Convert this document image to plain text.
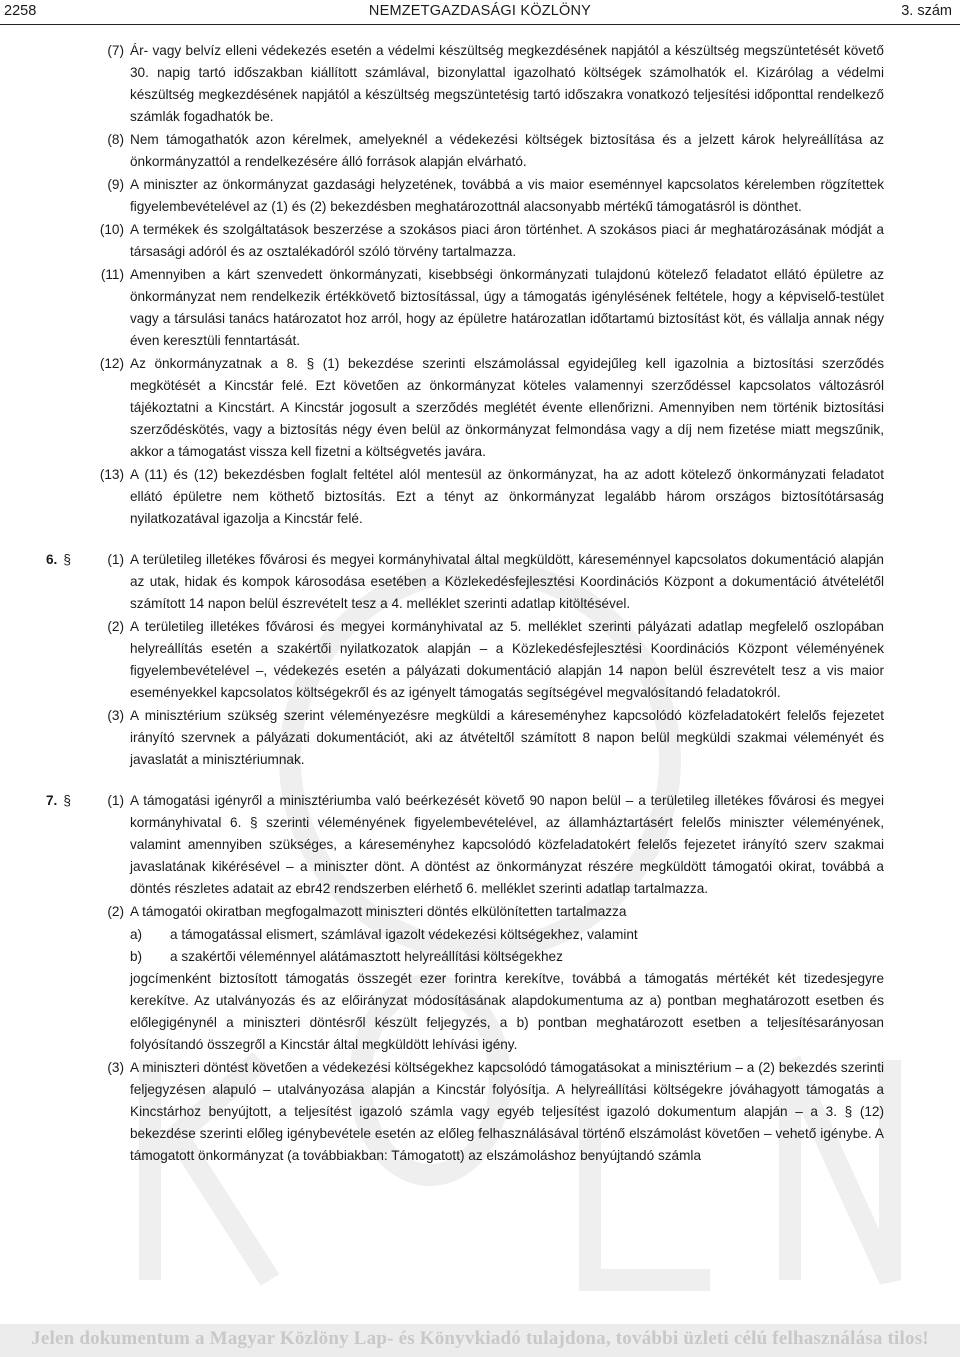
2258	NEMZETGAZDASÁGI KÖZLÖNY	3. szám
(7) Ár- vagy belvíz elleni védekezés esetén a védelmi készültség megkezdésének napjától a készültség megszüntetését követő 30. napig tartó időszakban kiállított számlával, bizonylattal igazolható költségek számolhatók el. Kizárólag a védelmi készültség megkezdésének napjától a készültség megszüntetésig tartó időszakra vonatkozó teljesítési időponttal rendelkező számlák fogadhatók be.
(8) Nem támogathatók azon kérelmek, amelyeknél a védekezési költségek biztosítása és a jelzett károk helyreállítása az önkormányzattól a rendelkezésére álló források alapján elvárható.
(9) A miniszter az önkormányzat gazdasági helyzetének, továbbá a vis maior eseménnyel kapcsolatos kérelemben rögzítettek figyelembevételével az (1) és (2) bekezdésben meghatározottnál alacsonyabb mértékű támogatásról is dönthet.
(10) A termékek és szolgáltatások beszerzése a szokásos piaci áron történhet. A szokásos piaci ár meghatározásának módját a társasági adóról és az osztalékadóról szóló törvény tartalmazza.
(11) Amennyiben a kárt szenvedett önkormányzati, kisebbségi önkormányzati tulajdonú kötelező feladatot ellátó épületre az önkormányzat nem rendelkezik értékkövető biztosítással, úgy a támogatás igénylésének feltétele, hogy a képviselő-testület vagy a társulási tanács határozatot hoz arról, hogy az épületre határozatlan időtartamú biztosítást köt, és vállalja annak négy éven keresztüli fenntartását.
(12) Az önkormányzatnak a 8. § (1) bekezdése szerinti elszámolással egyidejűleg kell igazolnia a biztosítási szerződés megkötését a Kincstár felé. Ezt követően az önkormányzat köteles valamennyi szerződéssel kapcsolatos változásról tájékoztatni a Kincstárt. A Kincstár jogosult a szerződés meglétét évente ellenőrizni. Amennyiben nem történik biztosítási szerződéskötés, vagy a biztosítás négy éven belül az önkormányzat felmondása vagy a díj nem fizetése miatt megszűnik, akkor a támogatást vissza kell fizetni a költségvetés javára.
(13) A (11) és (12) bekezdésben foglalt feltétel alól mentesül az önkormányzat, ha az adott kötelező önkormányzati feladatot ellátó épületre nem köthető biztosítás. Ezt a tényt az önkormányzat legalább három országos biztosítótársaság nyilatkozatával igazolja a Kincstár felé.
6. §	(1) A területileg illetékes fővárosi és megyei kormányhivatal által megküldött, káreseménnyel kapcsolatos dokumentáció alapján az utak, hidak és kompok károsodása esetében a Közlekedésfejlesztési Koordinációs Központ a dokumentáció átvételétől számított 14 napon belül észrevételt tesz a 4. melléklet szerinti adatlap kitöltésével.
(2) A területileg illetékes fővárosi és megyei kormányhivatal az 5. melléklet szerinti pályázati adatlap megfelelő oszlopában helyreállítás esetén a szakértői nyilatkozatok alapján – a Közlekedésfejlesztési Koordinációs Központ véleményének figyelembevételével –, védekezés esetén a pályázati dokumentáció alapján 14 napon belül észrevételt tesz a vis maior eseményekkel kapcsolatos költségekről és az igényelt támogatás segítségével megvalósítandó feladatokról.
(3) A minisztérium szükség szerint véleményezésre megküldi a káreseményhez kapcsolódó közfeladatokért felelős fejezetet irányító szervnek a pályázati dokumentációt, aki az átvételtől számított 8 napon belül megküldi szakmai véleményét és javaslatát a minisztériumnak.
7. §	(1) A támogatási igényről a minisztériumba való beérkezését követő 90 napon belül – a területileg illetékes fővárosi és megyei kormányhivatal 6. § szerinti véleményének figyelembevételével, az államháztartásért felelős miniszter véleményének, valamint amennyiben szükséges, a káreseményhez kapcsolódó közfeladatokért felelős fejezetet irányító szerv szakmai javaslatának kikérésével – a miniszter dönt. A döntést az önkormányzat részére megküldött támogatói okirat, továbbá a döntés részletes adatait az ebr42 rendszerben elérhető 6. melléklet szerinti adatlap tartalmazza.
(2) A támogatói okiratban megfogalmazott miniszteri döntés elkülönítetten tartalmazza
a) a támogatással elismert, számlával igazolt védekezési költségekhez, valamint
b) a szakértői véleménnyel alátámasztott helyreállítási költségekhez
jogcímenként biztosított támogatás összegét ezer forintra kerekítve, továbbá a támogatás mértékét két tizedesjegyre kerekítve. Az utalványozás és az előirányzat módosításának alapdokumentuma az a) pontban meghatározott esetben és előlegigénynél a miniszteri döntésről készült feljegyzés, a b) pontban meghatározott esetben a teljesítésarányosan folyósítandó összegről a Kincstár által megküldött lehívási igény.
(3) A miniszteri döntést követően a védekezési költségekhez kapcsolódó támogatásokat a minisztérium – a (2) bekezdés szerinti feljegyzésen alapuló – utalványozása alapján a Kincstár folyósítja. A helyreállítási költségekre jóváhagyott támogatás a Kincstárhoz benyújtott, a teljesítést igazoló számla vagy egyéb teljesítést igazoló dokumentum alapján – a 3. § (12) bekezdése szerinti előleg igénybevétele esetén az előleg felhasználásával történő elszámolást követően – vehető igénybe. A támogatott önkormányzat (a továbbiakban: Támogatott) az elszámoláshoz benyújtandó számla
Jelen dokumentum a Magyar Közlöny Lap- és Könyvkiadó tulajdona, további üzleti célú felhasználása tilos!
